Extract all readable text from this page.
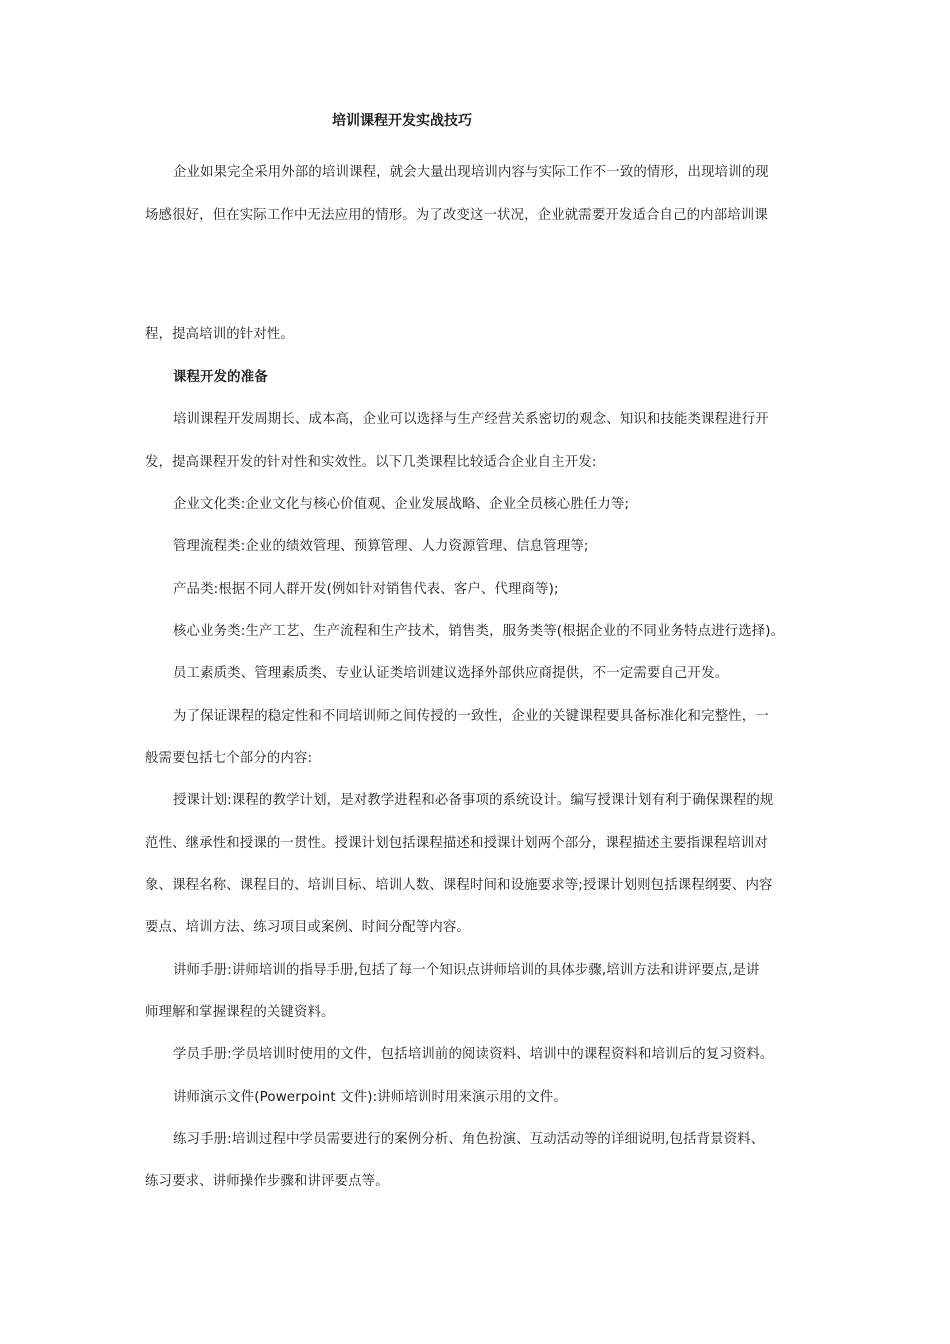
培训课程开发实战技巧
企业如果完全采用外部的培训课程，就会大量出现培训内容与实际工作不一致的情形，出现培训的现
场感很好，但在实际工作中无法应用的情形。为了改变这一状况，企业就需要开发适合自己的内部培训课
程，提高培训的针对性。
课程开发的准备
培训课程开发周期长、成本高，企业可以选择与生产经营关系密切的观念、知识和技能类课程进行开
发，提高课程开发的针对性和实效性。以下几类课程比较适合企业自主开发:
企业文化类:企业文化与核心价值观、企业发展战略、企业全员核心胜任力等;
管理流程类:企业的绩效管理、预算管理、人力资源管理、信息管理等;
产品类:根据不同人群开发(例如针对销售代表、客户、代理商等);
核心业务类:生产工艺、生产流程和生产技术，销售类，服务类等(根据企业的不同业务特点进行选择)。
员工素质类、管理素质类、专业认证类培训建议选择外部供应商提供，不一定需要自己开发。
为了保证课程的稳定性和不同培训师之间传授的一致性，企业的关键课程要具备标准化和完整性，一
般需要包括七个部分的内容:
授课计划:课程的教学计划，是对教学进程和必备事项的系统设计。编写授课计划有利于确保课程的规
范性、继承性和授课的一贯性。授课计划包括课程描述和授课计划两个部分，课程描述主要指课程培训对
象、课程名称、课程目的、培训目标、培训人数、课程时间和设施要求等;授课计划则包括课程纲要、内容
要点、培训方法、练习项目或案例、时间分配等内容。
讲师手册:讲师培训的指导手册,包括了每一个知识点讲师培训的具体步骤,培训方法和讲评要点,是讲
师理解和掌握课程的关键资料。
学员手册:学员培训时使用的文件，包括培训前的阅读资料、培训中的课程资料和培训后的复习资料。
讲师演示文件(Powerpoint 文件):讲师培训时用来演示用的文件。
练习手册:培训过程中学员需要进行的案例分析、角色扮演、互动活动等的详细说明,包括背景资料、
练习要求、讲师操作步骤和讲评要点等。
